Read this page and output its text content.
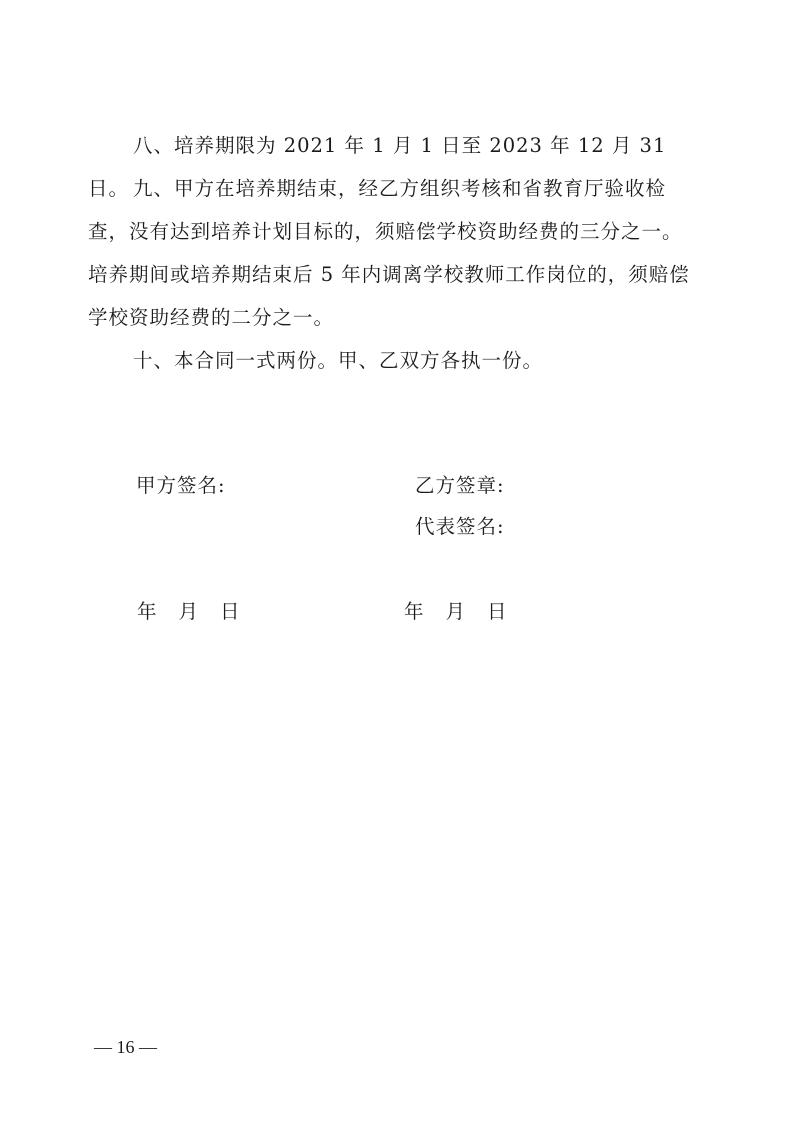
八、培养期限为 2021 年 1 月 1 日至 2023 年 12 月 31 日。 九、甲方在培养期结束，经乙方组织考核和省教育厅验收检查，没有达到培养计划目标的，须赔偿学校资助经费的三分之一。培养期间或培养期结束后 5 年内调离学校教师工作岗位的，须赔偿学校资助经费的二分之一。

十、本合同一式两份。甲、乙双方各执一份。

甲方签名:	乙方签章:

代表签名:

年 月 日	年 月 日

— 16 —
